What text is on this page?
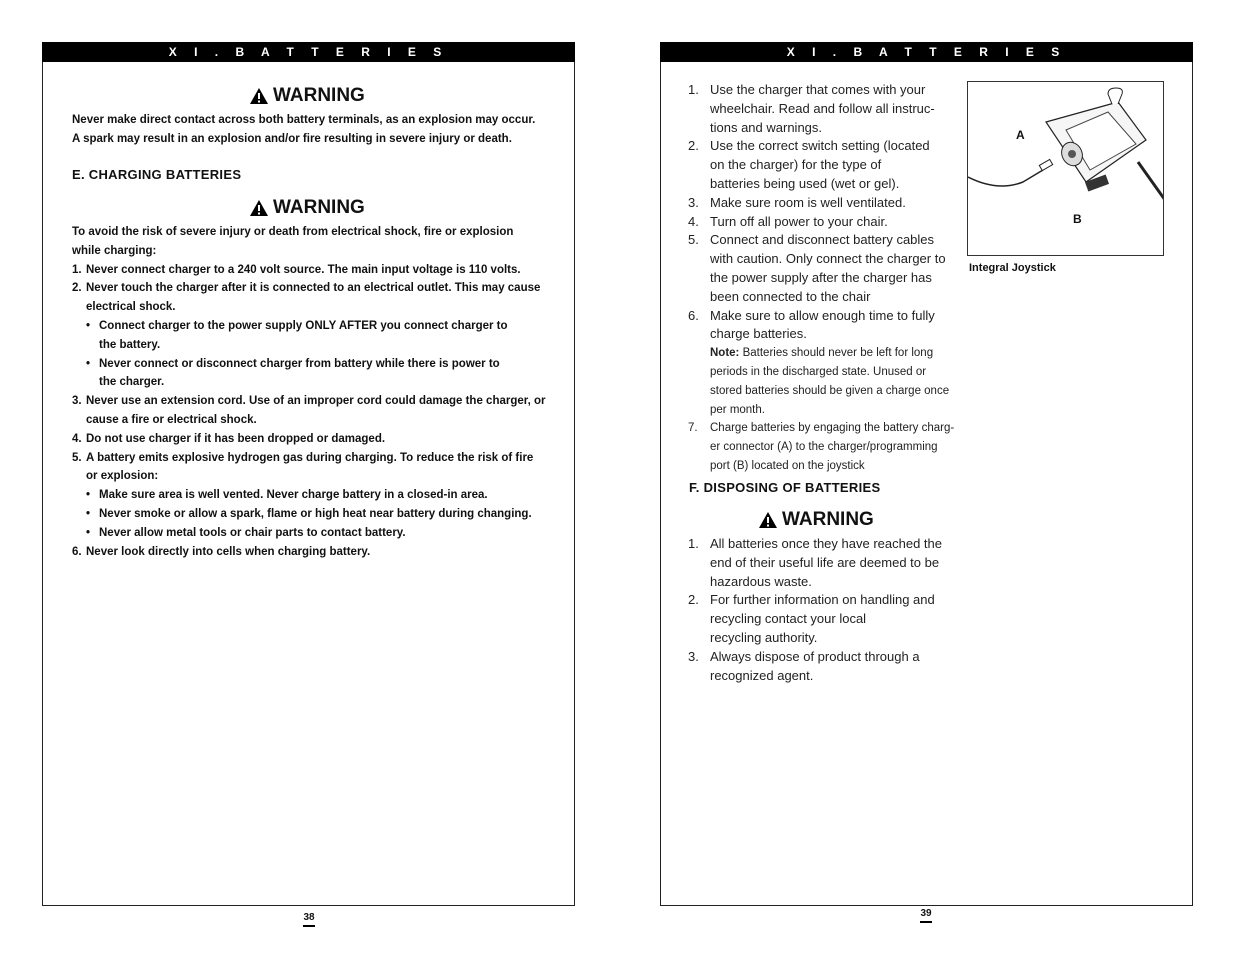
X I . B A T T E R I E S
WARNING
Never make direct contact across both battery terminals, as an explosion may occur.
A spark may result in an explosion and/or fire resulting in severe injury or death.
E. CHARGING BATTERIES
WARNING
To avoid the risk of severe injury or death from electrical shock, fire or explosion
while charging:
1. Never connect charger to a 240 volt source. The main input voltage is 110 volts.
2. Never touch the charger after it is connected to an electrical outlet. This may cause
electrical shock.
• Connect charger to the power supply ONLY AFTER you connect charger to
the battery.
• Never connect or disconnect charger from battery while there is power to
the charger.
3. Never use an extension cord. Use of an improper cord could damage the charger, or
cause a fire or electrical shock.
4. Do not use charger if it has been dropped or damaged.
5. A battery emits explosive hydrogen gas during charging. To reduce the risk of fire
or explosion:
• Make sure area is well vented. Never charge battery in a closed-in area.
• Never smoke or allow a spark, flame or high heat near battery during changing.
• Never allow metal tools or chair parts to contact battery.
6. Never look directly into cells when charging battery.
38
X I . B A T T E R I E S
1. Use the charger that comes with your
wheelchair. Read and follow all instruc-
tions and warnings.
2. Use the correct switch setting (located
on the charger) for the type of
batteries being used (wet or gel).
3. Make sure room is well ventilated.
4. Turn off all power to your chair.
5. Connect and disconnect battery cables
with caution. Only connect the charger to
the power supply after the charger has
been connected to the chair
6. Make sure to allow enough time to fully
charge batteries.
Note: Batteries should never be left for long
periods in the discharged state. Unused or
stored batteries should be given a charge once
per month.
7. Charge batteries by engaging the battery charg-
er connector (A) to the charger/programming
port (B) located on the joystick
A
B
Integral Joystick
F. DISPOSING OF BATTERIES
WARNING
1. All batteries once they have reached the
end of their useful life are deemed to be
hazardous waste.
2. For further information on handling and
recycling contact your local
recycling authority.
3. Always dispose of product through a
recognized agent.
39
